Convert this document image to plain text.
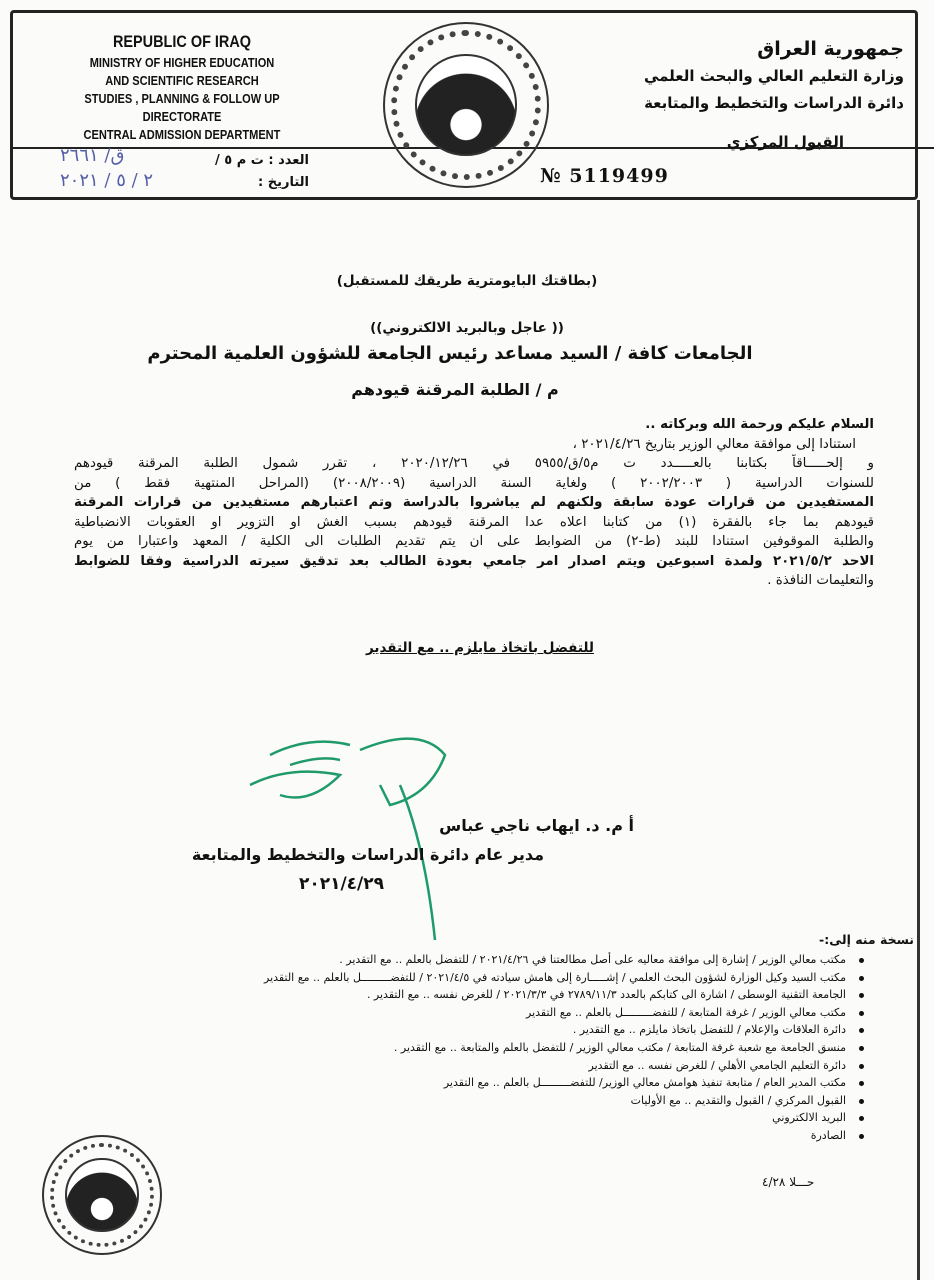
REPUBLIC OF IRAQ
MINISTRY OF HIGHER EDUCATION
AND SCIENTIFIC RESEARCH
STUDIES , PLANNING & FOLLOW UP DIRECTORATE
CENTRAL ADMISSION DEPARTMENT
جمهورية العراق
وزارة التعليم العالي والبحث العلمي
دائرة الدراسات والتخطيط والمتابعة
القبول المركزي
العدد : ت م ٥ /
التاريخ :
ق/ ٢٦٦١
٢ / ٥ / ٢٠٢١	№ 5119499
(بطاقتك البايومترية طريقك للمستقبل)
(( عاجل وبالبريد الالكتروني))
الجامعات كافة / السيد مساعد رئيس الجامعة للشؤون العلمية المحترم
م / الطلبة المرقنة قيودهم
السلام عليكم ورحمة الله وبركاته ..
استنادا إلى موافقة معالي الوزير بتاريخ ٢٠٢١/٤/٢٦ ،
و إلحـــــاقاً بكتابنا بالعـــــدد ت م٥/ق/٥٩٥٥ في ٢٠٢٠/١٢/٢٦ ، تقرر شمول الطلبة المرقنة قيودهم
للسنوات الدراسية ( ٢٠٠٢/٢٠٠٣ ) ولغاية السنة الدراسية (٢٠٠٨/٢٠٠٩) (المراحل المنتهية فقط ) من
المستفيدين من قرارات عودة سابقة ولكنهم لم يباشروا بالدراسة وتم اعتبارهم مستفيدين من قرارات المرقنة
قيودهم بما جاء بالفقرة (١) من كتابنا اعلاه عدا المرقنة قيودهم بسبب الغش او التزوير او العقوبات الانضباطية
والطلبة الموقوفين استنادا للبند (ط-٢) من الضوابط على ان يتم تقديم الطلبات الى الكلية / المعهد واعتبارا من يوم
الاحد ٢٠٢١/٥/٢ ولمدة اسبوعين ويتم اصدار امر جامعي بعودة الطالب بعد تدقيق سيرته الدراسية وفقا للضوابط
والتعليمات النافذة .
للتفضل باتخاذ مايلزم .. مع التقدير
أ م. د. ايهاب ناجي عباس
مدير عام دائرة الدراسات والتخطيط والمتابعة
٢٠٢١/٤/٢٩
نسخة منه إلى:-
مكتب معالي الوزير / إشارة إلى موافقة معاليه على أصل مطالعتنا في ٢٠٢١/٤/٢٦ / للتفضل بالعلم .. مع التقدير .
مكتب السيد وكيل الوزارة لشؤون البحث العلمي / إشـــــارة إلى هامش سيادته في ٢٠٢١/٤/٥ / للتفضـــــــــل بالعلم .. مع التقدير
الجامعة التقنية الوسطى / اشارة الى كتابكم بالعدد ٢٧٨٩/١١/٣ في ٢٠٢١/٣/٣ / للغرض نفسه .. مع التقدير .
مكتب معالي الوزير / غرفة المتابعة / للتفضـــــــــل بالعلم .. مع التقدير
دائرة العلاقات والإعلام / للتفضل باتخاذ مايلزم .. مع التقدير .
منسق الجامعة مع شعبة غرفة المتابعة / مكتب معالي الوزير / للتفضل بالعلم والمتابعة .. مع التقدير .
دائرة التعليم الجامعي الأهلي / للغرض نفسه .. مع التقدير
مكتب المدير العام / متابعة تنفيذ هوامش معالي الوزير/ للتفضـــــــــل بالعلم .. مع التقدير
القبول المركزي / القبول والتقديم .. مع الأوليات
البريد الالكتروني
الصادرة
حـــلا ٤/٢٨
